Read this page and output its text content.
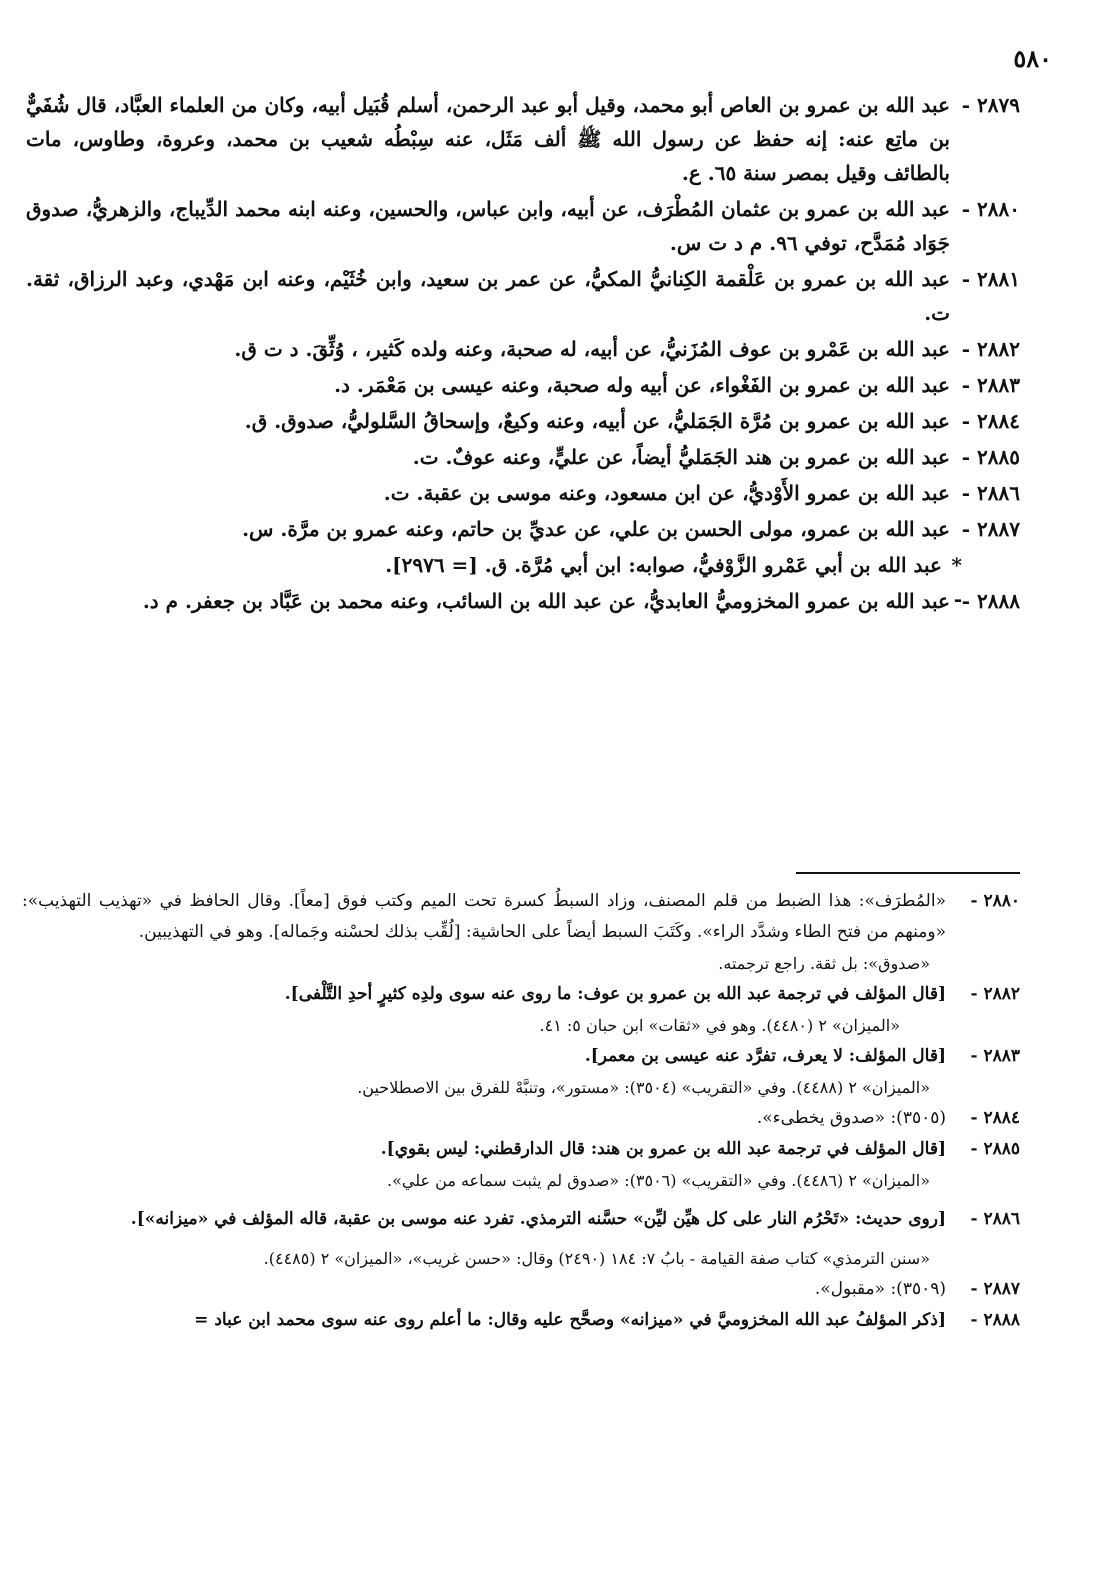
٥٨٠
٢٨٧٩ -
عبد الله بن عمرو بن العاص أبو محمد، وقيل أبو عبد الرحمن، أسلم قُبَيل أبيه، وكان من العلماء العبَّاد، قال شُفَيٌّ بن ماتِع عنه: إنه حفظ عن رسول الله ﷺ ألف مَثَل، عنه سِبْطُه شعيب بن محمد، وعروة، وطاوس، مات بالطائف وقيل بمصر سنة ٦٥. ع.
٢٨٨٠ -
عبد الله بن عمرو بن عثمان المُطْرَف، عن أبيه، وابن عباس، والحسين، وعنه ابنه محمد الدِّيباج، والزهريُّ، صدوق جَوَاد مُمَدَّح، توفي ٩٦. م د ت س.
٢٨٨١ -
عبد الله بن عمرو بن عَلْقمة الكِنانيُّ المكيُّ، عن عمر بن سعيد، وابن خُثَيْم، وعنه ابن مَهْدي، وعبد الرزاق، ثقة. ت.
٢٨٨٢ -
عبد الله بن عَمْرو بن عوف المُزَنيُّ، عن أبيه، له صحبة، وعنه ولده كَثير، ، وُثِّقَ. د ت ق.
٢٨٨٣ -
عبد الله بن عمرو بن الفَغْواء، عن أبيه وله صحبة، وعنه عيسى بن مَعْمَر. د.
٢٨٨٤ -
عبد الله بن عمرو بن مُرَّة الجَمَليُّ، عن أبيه، وعنه وكيعٌ، وإسحاقُ السَّلوليُّ، صدوق. ق.
٢٨٨٥ -
عبد الله بن عمرو بن هند الجَمَليُّ أيضاً، عن عليٍّ، وعنه عوفٌ. ت.
٢٨٨٦ -
عبد الله بن عمرو الأَوْديُّ، عن ابن مسعود، وعنه موسى بن عقبة. ت.
٢٨٨٧ -
عبد الله بن عمرو، مولى الحسن بن علي، عن عديِّ بن حاتم، وعنه عمرو بن مرَّة. س.
* -
عبد الله بن أبي عَمْرو الزَّوْفيُّ، صوابه: ابن أبي مُرَّة. ق. [= ٢٩٧٦].
٢٨٨٨ -
عبد الله بن عمرو المخزوميُّ العابديُّ، عن عبد الله بن السائب، وعنه محمد بن عَبَّاد بن جعفر. م د.
٢٨٨٠ -
«المُطرَف»: هذا الضبط من قلم المصنف، وزاد السبطُ كسرة تحت الميم وكتب فوق [معاً]. وقال الحافظ في «تهذيب التهذيب»: «ومنهم من فتح الطاء وشدَّد الراء». وكَتَبَ السبط أيضاً على الحاشية: [لُقِّب بذلك لحسْنه وجَماله]. وهو في التهذيبين.
«صدوق»: بل ثقة. راجع ترجمته.
٢٨٨٢ -
[قال المؤلف في ترجمة عبد الله بن عمرو بن عوف: ما روى عنه سوى ولدِه كثيرٍ أحدِ التَّلْفى].
«الميزان» ٢ (٤٤٨٠). وهو في «ثقات» ابن حبان ٥: ٤١.
٢٨٨٣ -
[قال المؤلف: لا يعرف، تفرَّد عنه عيسى بن معمر].
«الميزان» ٢ (٤٤٨٨). وفي «التقريب» (٣٥٠٤): «مستور»، وتنبَّهْ للفرق بين الاصطلاحين.
٢٨٨٤ -
(٣٥٠٥): «صدوق يخطىء».
٢٨٨٥ -
[قال المؤلف في ترجمة عبد الله بن عمرو بن هند: قال الدارقطني: ليس بقوي].
«الميزان» ٢ (٤٤٨٦). وفي «التقريب» (٣٥٠٦): «صدوق لم يثبت سماعه من علي».
٢٨٨٦ -
[روى حديث: «تَحْرُم النار على كل هيِّن ليِّن» حسَّنه الترمذي. تفرد عنه موسى بن عقبة، قاله المؤلف في «ميزانه»].
«سنن الترمذي» كتاب صفة القيامة - بابُ ٧: ١٨٤ (٢٤٩٠) وقال: «حسن غريب»، «الميزان» ٢ (٤٤٨٥).
٢٨٨٧ -
(٣٥٠٩): «مقبول».
٢٨٨٨ -
[ذكر المؤلفُ عبد الله المخزوميَّ في «ميزانه» وصحَّح عليه وقال: ما أعلم روى عنه سوى محمد ابن عباد =
